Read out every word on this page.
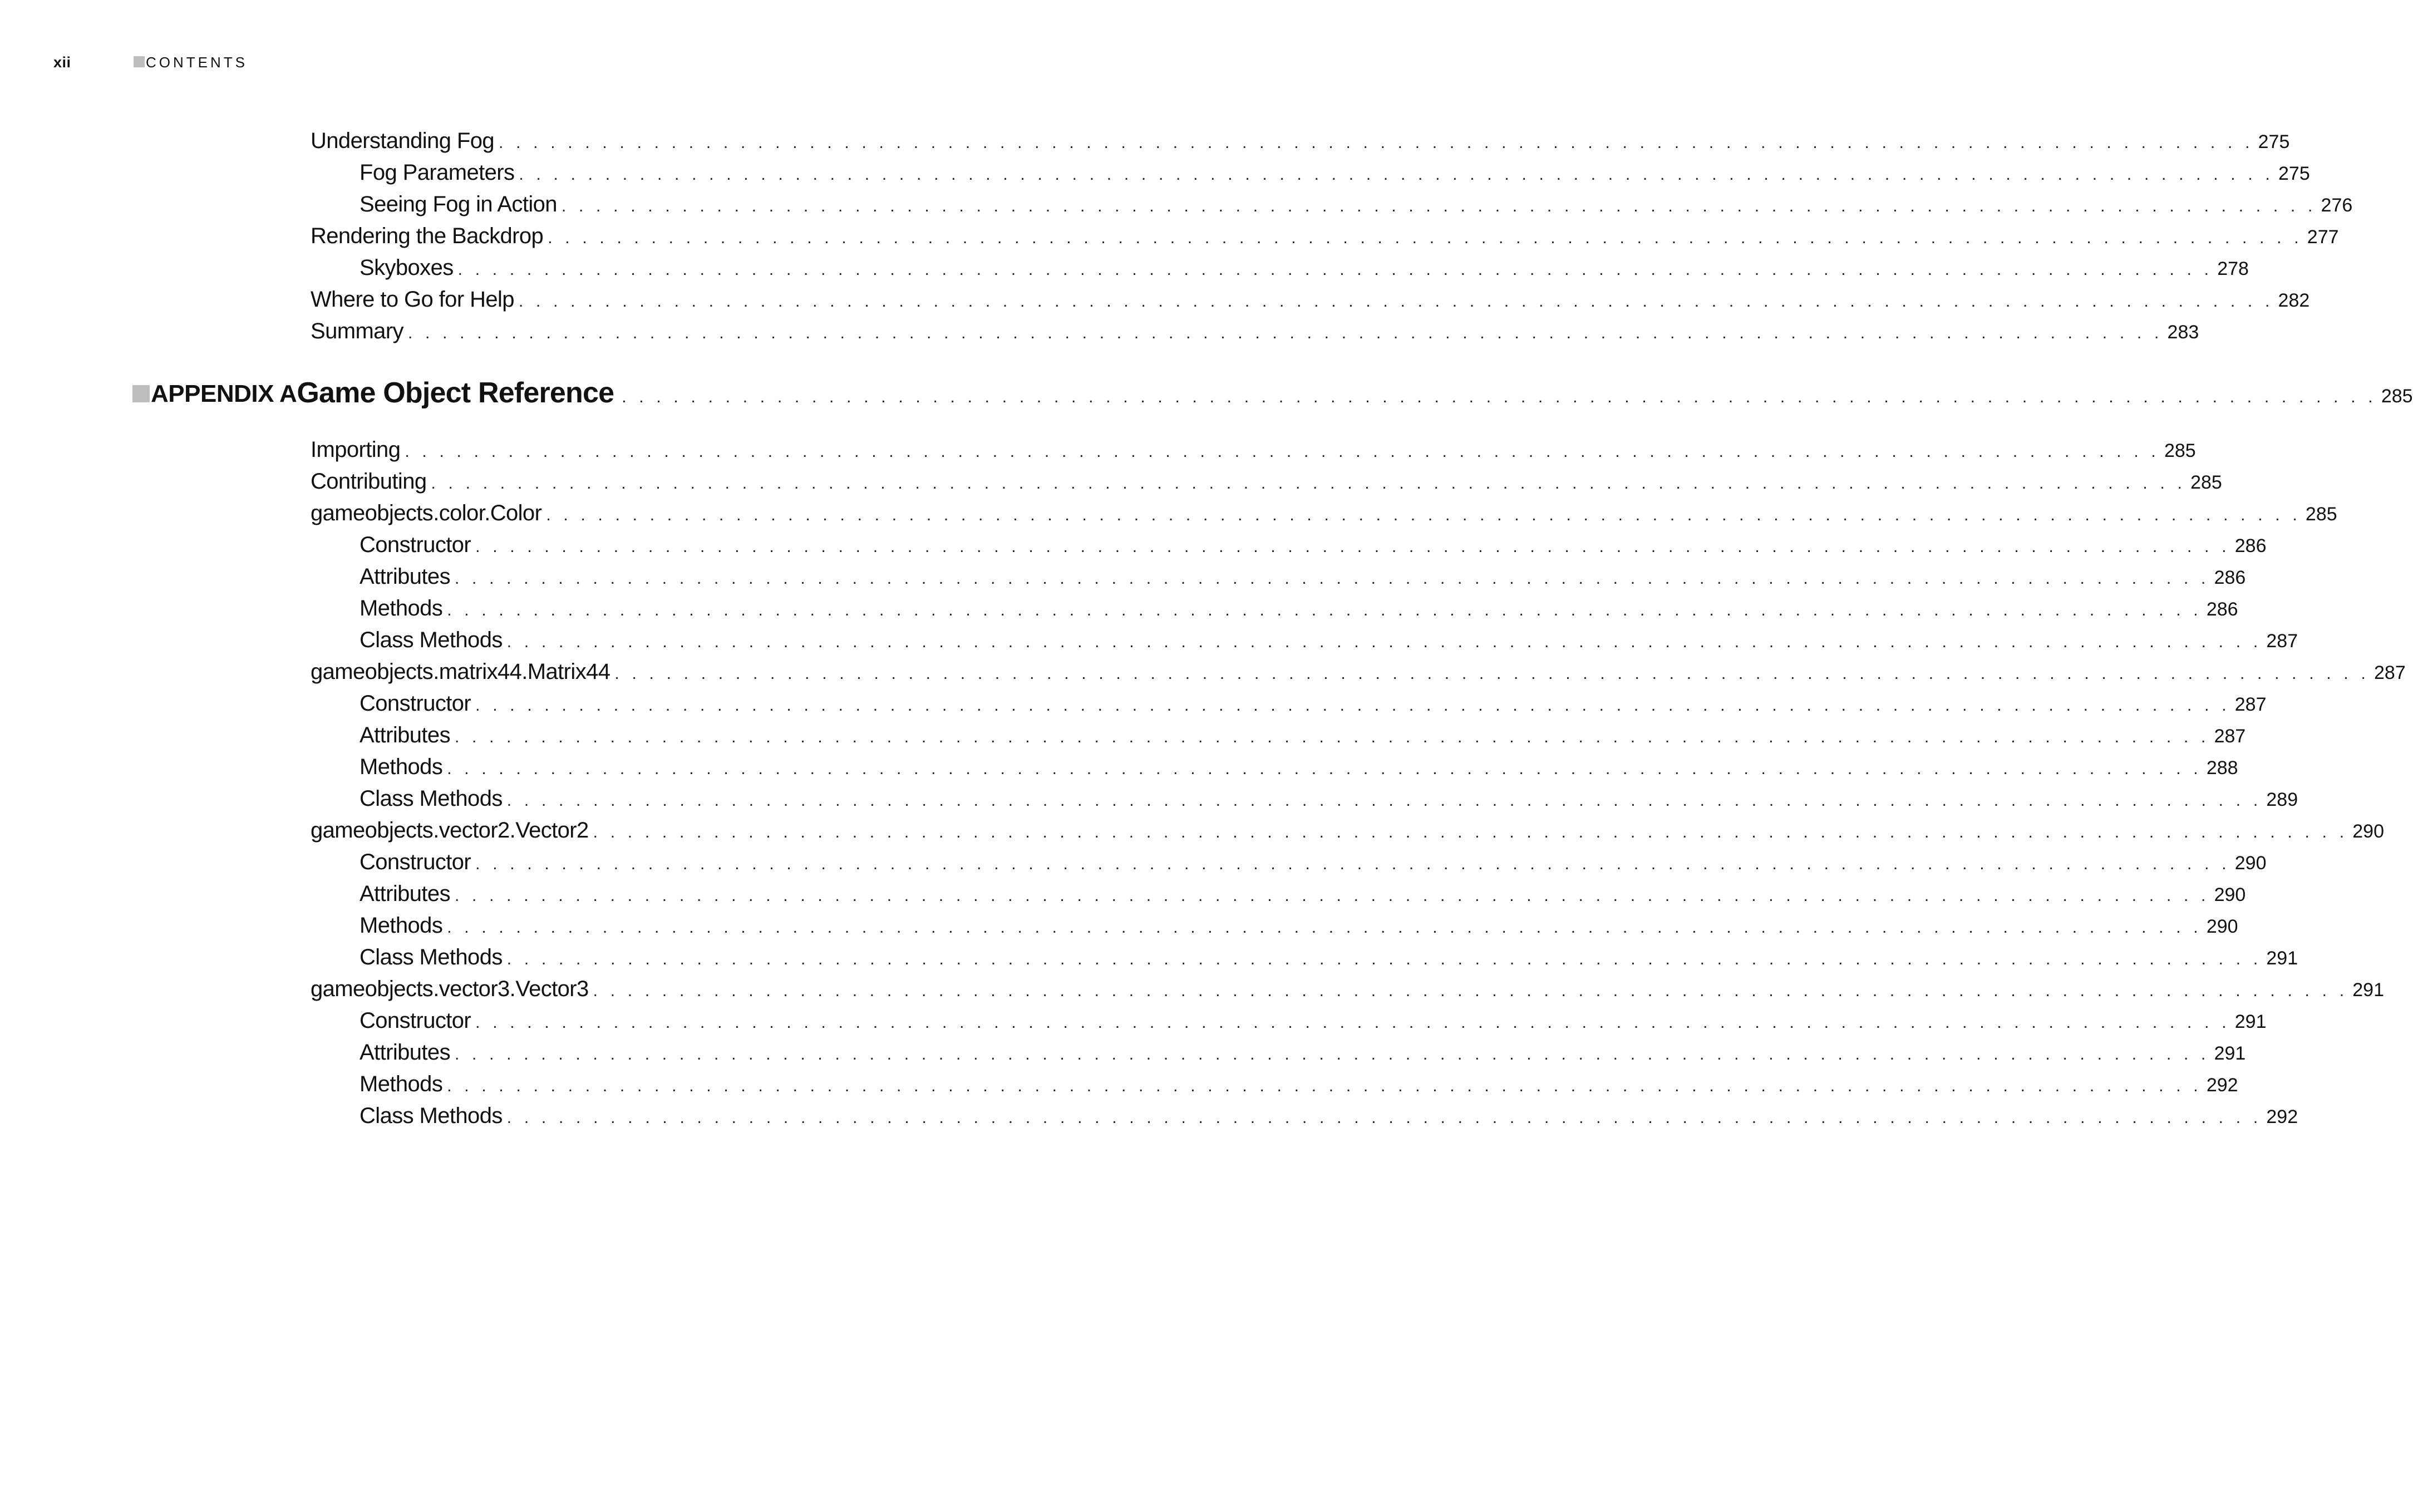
xii	CONTENTS
Understanding Fog . . . . . . . . . . . . . . . . . . . . . . . . . . . . . . . . . . . . . . . . . . . . . . . . . . . . . . . . . . . . . . . . . . . . . . . . . . . . . . . . . . . . . . . . . . . . . . . . . . . . . . 275
Fog Parameters . . . . . . . . . . . . . . . . . . . . . . . . . . . . . . . . . . . . . . . . . . . . . . . . . . . . . . . . . . . . . . . . . . . . . . . . . . . . . . . . . . . . . . . . . . . . . . . . . . . . . . 275
Seeing Fog in Action . . . . . . . . . . . . . . . . . . . . . . . . . . . . . . . . . . . . . . . . . . . . . . . . . . . . . . . . . . . . . . . . . . . . . . . . . . . . . . . . . . . . . . . . . . . . . . . . . . . . . . 276
Rendering the Backdrop . . . . . . . . . . . . . . . . . . . . . . . . . . . . . . . . . . . . . . . . . . . . . . . . . . . . . . . . . . . . . . . . . . . . . . . . . . . . . . . . . . . . . . . . . . . . . . . . . . . . . . 277
Skyboxes . . . . . . . . . . . . . . . . . . . . . . . . . . . . . . . . . . . . . . . . . . . . . . . . . . . . . . . . . . . . . . . . . . . . . . . . . . . . . . . . . . . . . . . . . . . . . . . . . . . . . . 278
Where to Go for Help . . . . . . . . . . . . . . . . . . . . . . . . . . . . . . . . . . . . . . . . . . . . . . . . . . . . . . . . . . . . . . . . . . . . . . . . . . . . . . . . . . . . . . . . . . . . . . . . . . . . . . 282
Summary . . . . . . . . . . . . . . . . . . . . . . . . . . . . . . . . . . . . . . . . . . . . . . . . . . . . . . . . . . . . . . . . . . . . . . . . . . . . . . . . . . . . . . . . . . . . . . . . . . . . . . 283
APPENDIX A Game Object Reference . . . . . . . . . . . . . . . . . . . . . . . . . . . . . . . . . . . . . . . . . . . . . . . . . . . . . . . . . . . . . . . . . . . . . . . . . . . . . . . . . . . . . . . . . . . . . . . . . . . . . . 285
Importing . . . . . . . . . . . . . . . . . . . . . . . . . . . . . . . . . . . . . . . . . . . . . . . . . . . . . . . . . . . . . . . . . . . . . . . . . . . . . . . . . . . . . . . . . . . . . . . . . . . . . . 285
Contributing . . . . . . . . . . . . . . . . . . . . . . . . . . . . . . . . . . . . . . . . . . . . . . . . . . . . . . . . . . . . . . . . . . . . . . . . . . . . . . . . . . . . . . . . . . . . . . . . . . . . . . 285
gameobjects.color.Color . . . . . . . . . . . . . . . . . . . . . . . . . . . . . . . . . . . . . . . . . . . . . . . . . . . . . . . . . . . . . . . . . . . . . . . . . . . . . . . . . . . . . . . . . . . . . . . . . . . . . . 285
Constructor . . . . . . . . . . . . . . . . . . . . . . . . . . . . . . . . . . . . . . . . . . . . . . . . . . . . . . . . . . . . . . . . . . . . . . . . . . . . . . . . . . . . . . . . . . . . . . . . . . . . . . 286
Attributes . . . . . . . . . . . . . . . . . . . . . . . . . . . . . . . . . . . . . . . . . . . . . . . . . . . . . . . . . . . . . . . . . . . . . . . . . . . . . . . . . . . . . . . . . . . . . . . . . . . . . . 286
Methods . . . . . . . . . . . . . . . . . . . . . . . . . . . . . . . . . . . . . . . . . . . . . . . . . . . . . . . . . . . . . . . . . . . . . . . . . . . . . . . . . . . . . . . . . . . . . . . . . . . . . . 286
Class Methods . . . . . . . . . . . . . . . . . . . . . . . . . . . . . . . . . . . . . . . . . . . . . . . . . . . . . . . . . . . . . . . . . . . . . . . . . . . . . . . . . . . . . . . . . . . . . . . . . . . . . . 287
gameobjects.matrix44.Matrix44 . . . . . . . . . . . . . . . . . . . . . . . . . . . . . . . . . . . . . . . . . . . . . . . . . . . . . . . . . . . . . . . . . . . . . . . . . . . . . . . . . . . . . . . . . . . . . . . . . . . . . . 287
Constructor . . . . . . . . . . . . . . . . . . . . . . . . . . . . . . . . . . . . . . . . . . . . . . . . . . . . . . . . . . . . . . . . . . . . . . . . . . . . . . . . . . . . . . . . . . . . . . . . . . . . . . 287
Attributes . . . . . . . . . . . . . . . . . . . . . . . . . . . . . . . . . . . . . . . . . . . . . . . . . . . . . . . . . . . . . . . . . . . . . . . . . . . . . . . . . . . . . . . . . . . . . . . . . . . . . . 287
Methods . . . . . . . . . . . . . . . . . . . . . . . . . . . . . . . . . . . . . . . . . . . . . . . . . . . . . . . . . . . . . . . . . . . . . . . . . . . . . . . . . . . . . . . . . . . . . . . . . . . . . . 288
Class Methods . . . . . . . . . . . . . . . . . . . . . . . . . . . . . . . . . . . . . . . . . . . . . . . . . . . . . . . . . . . . . . . . . . . . . . . . . . . . . . . . . . . . . . . . . . . . . . . . . . . . . . 289
gameobjects.vector2.Vector2 . . . . . . . . . . . . . . . . . . . . . . . . . . . . . . . . . . . . . . . . . . . . . . . . . . . . . . . . . . . . . . . . . . . . . . . . . . . . . . . . . . . . . . . . . . . . . . . . . . . . . . 290
Constructor . . . . . . . . . . . . . . . . . . . . . . . . . . . . . . . . . . . . . . . . . . . . . . . . . . . . . . . . . . . . . . . . . . . . . . . . . . . . . . . . . . . . . . . . . . . . . . . . . . . . . . 290
Attributes . . . . . . . . . . . . . . . . . . . . . . . . . . . . . . . . . . . . . . . . . . . . . . . . . . . . . . . . . . . . . . . . . . . . . . . . . . . . . . . . . . . . . . . . . . . . . . . . . . . . . . 290
Methods . . . . . . . . . . . . . . . . . . . . . . . . . . . . . . . . . . . . . . . . . . . . . . . . . . . . . . . . . . . . . . . . . . . . . . . . . . . . . . . . . . . . . . . . . . . . . . . . . . . . . . 290
Class Methods . . . . . . . . . . . . . . . . . . . . . . . . . . . . . . . . . . . . . . . . . . . . . . . . . . . . . . . . . . . . . . . . . . . . . . . . . . . . . . . . . . . . . . . . . . . . . . . . . . . . . . 291
gameobjects.vector3.Vector3 . . . . . . . . . . . . . . . . . . . . . . . . . . . . . . . . . . . . . . . . . . . . . . . . . . . . . . . . . . . . . . . . . . . . . . . . . . . . . . . . . . . . . . . . . . . . . . . . . . . . . . 291
Constructor . . . . . . . . . . . . . . . . . . . . . . . . . . . . . . . . . . . . . . . . . . . . . . . . . . . . . . . . . . . . . . . . . . . . . . . . . . . . . . . . . . . . . . . . . . . . . . . . . . . . . . 291
Attributes . . . . . . . . . . . . . . . . . . . . . . . . . . . . . . . . . . . . . . . . . . . . . . . . . . . . . . . . . . . . . . . . . . . . . . . . . . . . . . . . . . . . . . . . . . . . . . . . . . . . . . 291
Methods . . . . . . . . . . . . . . . . . . . . . . . . . . . . . . . . . . . . . . . . . . . . . . . . . . . . . . . . . . . . . . . . . . . . . . . . . . . . . . . . . . . . . . . . . . . . . . . . . . . . . . 292
Class Methods . . . . . . . . . . . . . . . . . . . . . . . . . . . . . . . . . . . . . . . . . . . . . . . . . . . . . . . . . . . . . . . . . . . . . . . . . . . . . . . . . . . . . . . . . . . . . . . . . . . . . . 292
